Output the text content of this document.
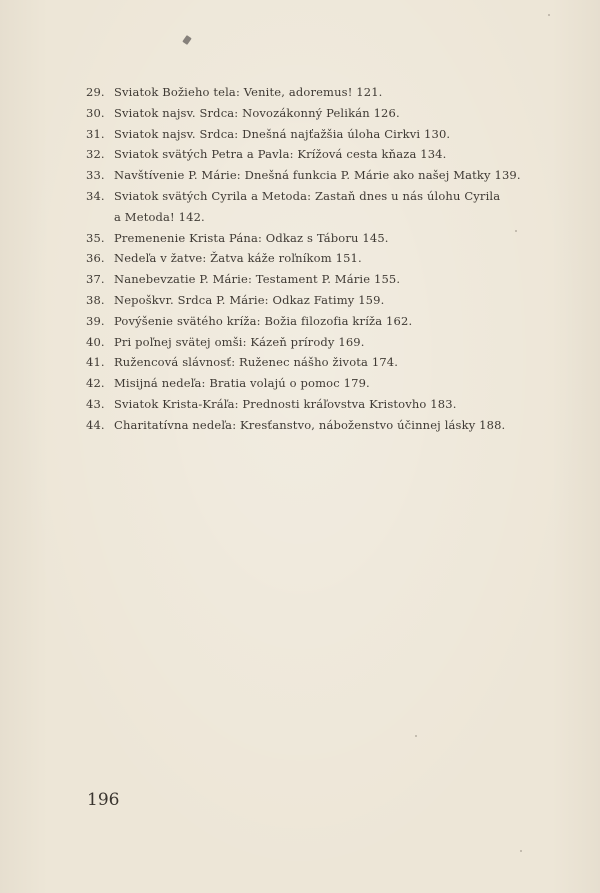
29. Sviatok Božieho tela: Venite, adoremus! 121.
30. Sviatok najsv. Srdca: Novozákonný Pelikán 126.
31. Sviatok najsv. Srdca: Dnešná najťažšia úloha Cirkvi 130.
32. Sviatok svätých Petra a Pavla: Krížová cesta kňaza 134.
33. Navštívenie P. Márie: Dnešná funkcia P. Márie ako našej Matky 139.
34. Sviatok svätých Cyrila a Metoda: Zastaň dnes u nás úlohu Cyrila
a Metoda! 142.
35. Premenenie Krista Pána: Odkaz s Táboru 145.
36. Nedeľa v žatve: Žatva káže roľníkom 151.
37. Nanebevzatie P. Márie: Testament P. Márie 155.
38. Nepoškvr. Srdca P. Márie: Odkaz Fatimy 159.
39. Povýšenie svätého kríža: Božia filozofia kríža 162.
40. Pri poľnej svätej omši: Kázeň prírody 169.
41. Ružencová slávnosť: Ruženec nášho života 174.
42. Misijná nedeľa: Bratia volajú o pomoc 179.
43. Sviatok Krista-Kráľa: Prednosti kráľovstva Kristovho 183.
44. Charitatívna nedeľa: Kresťanstvo, náboženstvo účinnej lásky 188.
196
